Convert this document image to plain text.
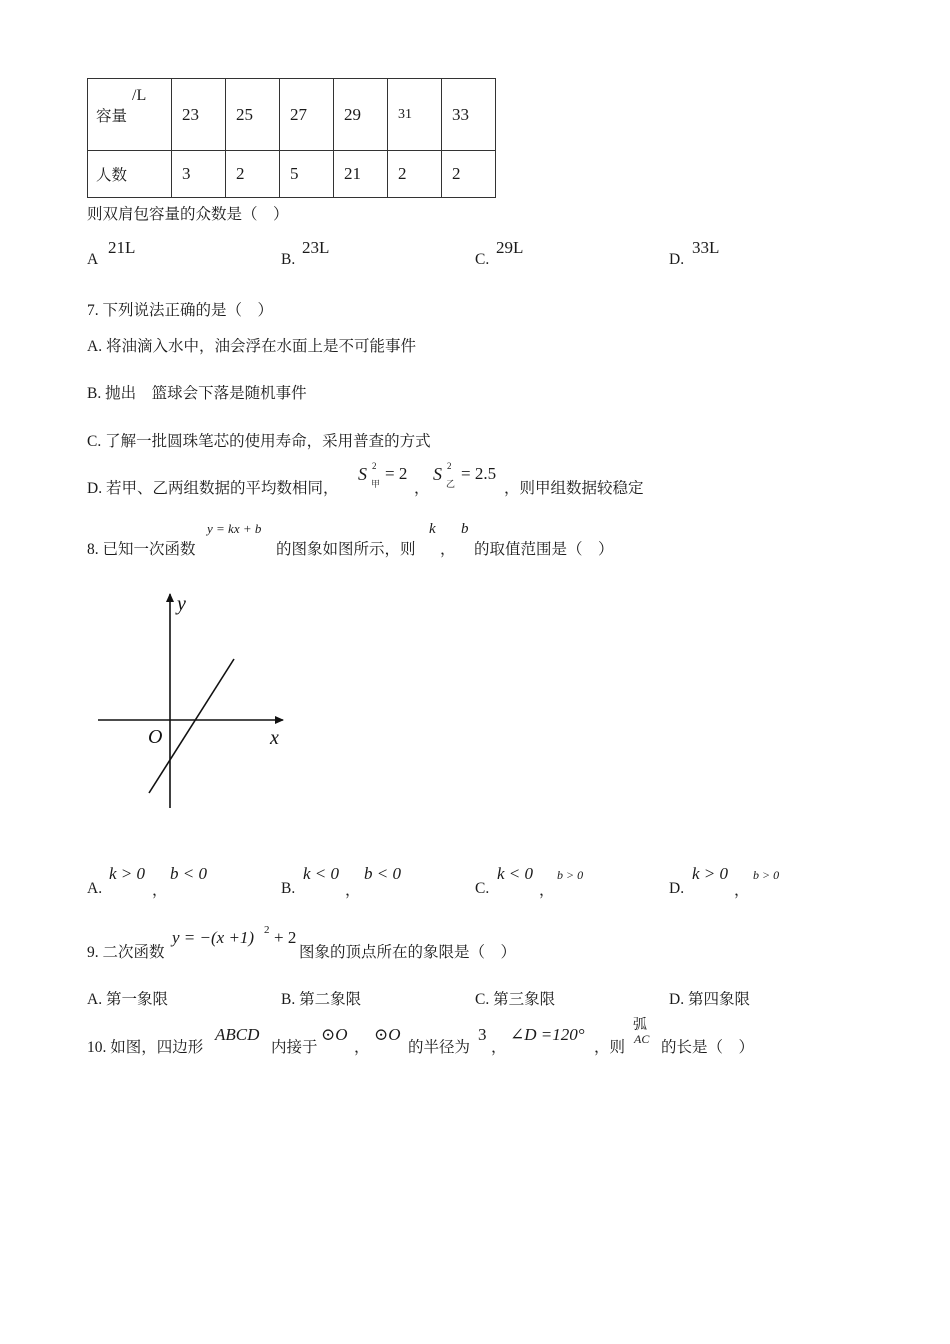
容量
/L	23	25	27	29	31	33
人数	3	2	5	21	2	2
则双肩包容量的众数是（　）
A
21L
B.
23L
C.
29L
D.
33L
7. 下列说法正确的是（　）
A. 将油滴入水中，油会浮在水面上是不可能事件
B. 抛出　篮球会下落是随机事件
C. 了解一批圆珠笔芯的使用寿命，采用普查的方式
D. 若甲、乙两组数据的平均数相同，
S 2
甲
= 2
，
S 2
乙
= 2.5
，则甲组数据较稳定
8. 已知一次函数
y = kx + b
的图象如图所示，则
k
，
b
的取值范围是（　）
y
x
O
A.
k > 0
，
b < 0
B.
k < 0
，
b < 0
C.
k < 0
，
b > 0
D.
k > 0
，
b > 0
9. 二次函数
y = −(x +1) 2 + 2
图象的顶点所在的象限是（　）
A. 第一象限	B. 第二象限	C. 第三象限	D. 第四象限
10. 如图，四边形
ABCD
内接于
⊙O
，
⊙O
的半径为
3
，
∠D =120°
，则
弧
AC 的长是（　）
